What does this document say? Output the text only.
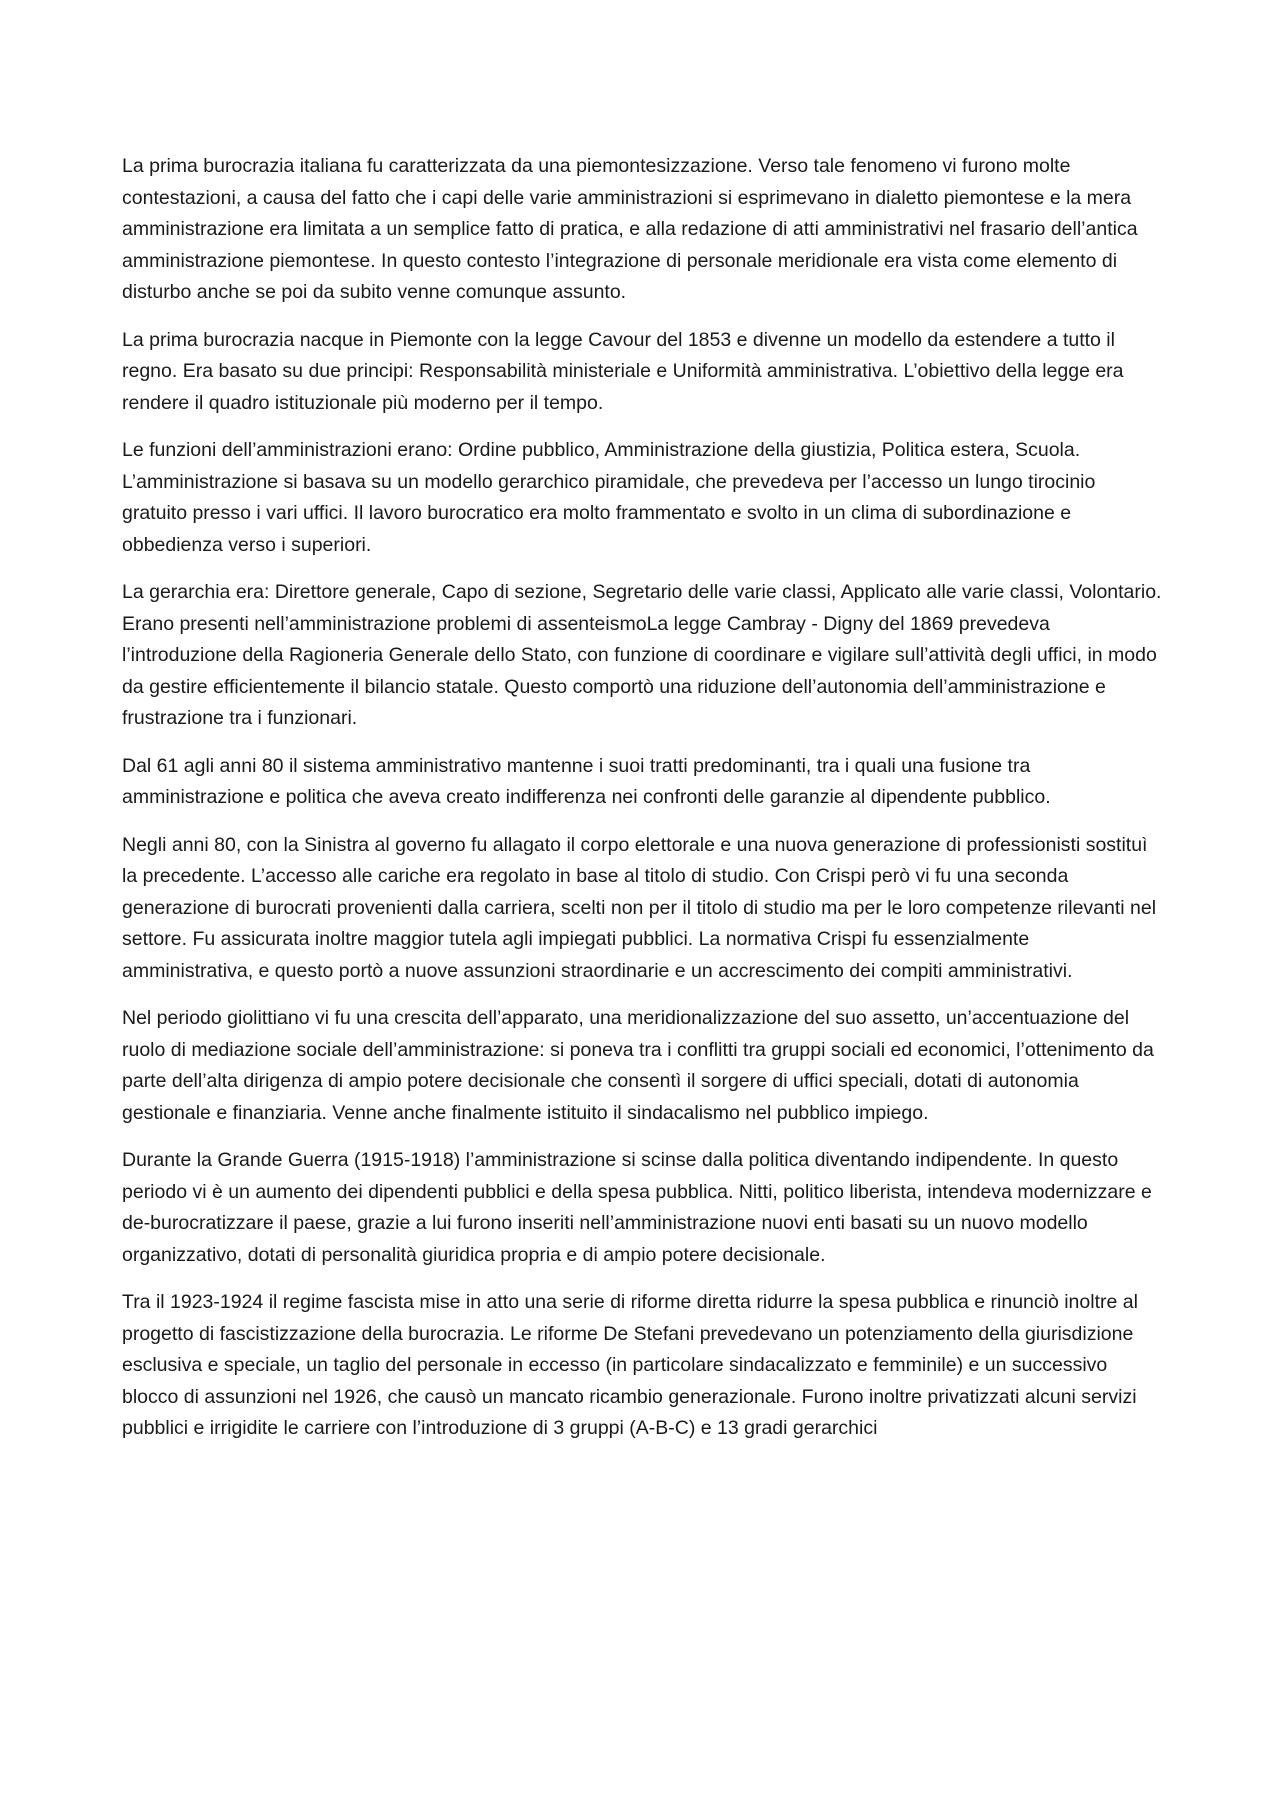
La prima burocrazia italiana fu caratterizzata da una piemontesizzazione. Verso tale fenomeno vi furono molte contestazioni, a causa del fatto che i capi delle varie amministrazioni si esprimevano in dialetto piemontese e la mera amministrazione era limitata a un semplice fatto di pratica, e alla redazione di atti amministrativi nel frasario dell’antica amministrazione piemontese. In questo contesto l’integrazione di personale meridionale era vista come elemento di disturbo anche se poi da subito venne comunque assunto.

La prima burocrazia nacque in Piemonte con la legge Cavour del 1853 e divenne un modello da estendere a tutto il regno. Era basato su due principi: Responsabilità ministeriale e Uniformità amministrativa. L’obiettivo della legge era rendere il quadro istituzionale più moderno per il tempo.

Le funzioni dell’amministrazioni erano: Ordine pubblico, Amministrazione della giustizia, Politica estera, Scuola. L’amministrazione si basava su un modello gerarchico piramidale, che prevedeva per l’accesso un lungo tirocinio gratuito presso i vari uffici. Il lavoro burocratico era molto frammentato e svolto in un clima di subordinazione e obbedienza verso i superiori.

La gerarchia era: Direttore generale, Capo di sezione, Segretario delle varie classi, Applicato alle varie classi, Volontario. Erano presenti nell’amministrazione problemi di assenteismoLa legge Cambray - Digny del 1869 prevedeva l’introduzione della Ragioneria Generale dello Stato, con funzione di coordinare e vigilare sull’attività degli uffici, in modo da gestire efficientemente il bilancio statale. Questo comportò una riduzione dell’autonomia dell’amministrazione e frustrazione tra i funzionari.

Dal 61 agli anni 80 il sistema amministrativo mantenne i suoi tratti predominanti, tra i quali una fusione tra amministrazione e politica che aveva creato indifferenza nei confronti delle garanzie al dipendente pubblico.

Negli anni 80, con la Sinistra al governo fu allagato il corpo elettorale e una nuova generazione di professionisti sostituì la precedente. L’accesso alle cariche era regolato in base al titolo di studio. Con Crispi però vi fu una seconda generazione di burocrati provenienti dalla carriera, scelti non per il titolo di studio ma per le loro competenze rilevanti nel settore. Fu assicurata inoltre maggior tutela agli impiegati pubblici. La normativa Crispi fu essenzialmente amministrativa, e questo portò a nuove assunzioni straordinarie e un accrescimento dei compiti amministrativi.

Nel periodo giolittiano vi fu una crescita dell’apparato, una meridionalizzazione del suo assetto, un’accentuazione del ruolo di mediazione sociale dell’amministrazione: si poneva tra i conflitti tra gruppi sociali ed economici, l’ottenimento da parte dell’alta dirigenza di ampio potere decisionale che consentì il sorgere di uffici speciali, dotati di autonomia gestionale e finanziaria. Venne anche finalmente istituito il sindacalismo nel pubblico impiego.

Durante la Grande Guerra (1915-1918) l’amministrazione si scinse dalla politica diventando indipendente. In questo periodo vi è un aumento dei dipendenti pubblici e della spesa pubblica. Nitti, politico liberista, intendeva modernizzare e de-burocratizzare il paese, grazie a lui furono inseriti nell’amministrazione nuovi enti basati su un nuovo modello organizzativo, dotati di personalità giuridica propria e di ampio potere decisionale.

Tra il 1923-1924 il regime fascista mise in atto una serie di riforme diretta ridurre la spesa pubblica e rinunciò inoltre al progetto di fascistizzazione della burocrazia. Le riforme De Stefani prevedevano un potenziamento della giurisdizione esclusiva e speciale, un taglio del personale in eccesso (in particolare sindacalizzato e femminile) e un successivo blocco di assunzioni nel 1926, che causò un mancato ricambio generazionale. Furono inoltre privatizzati alcuni servizi pubblici e irrigidite le carriere con l’introduzione di 3 gruppi (A-B-C) e 13 gradi gerarchici
